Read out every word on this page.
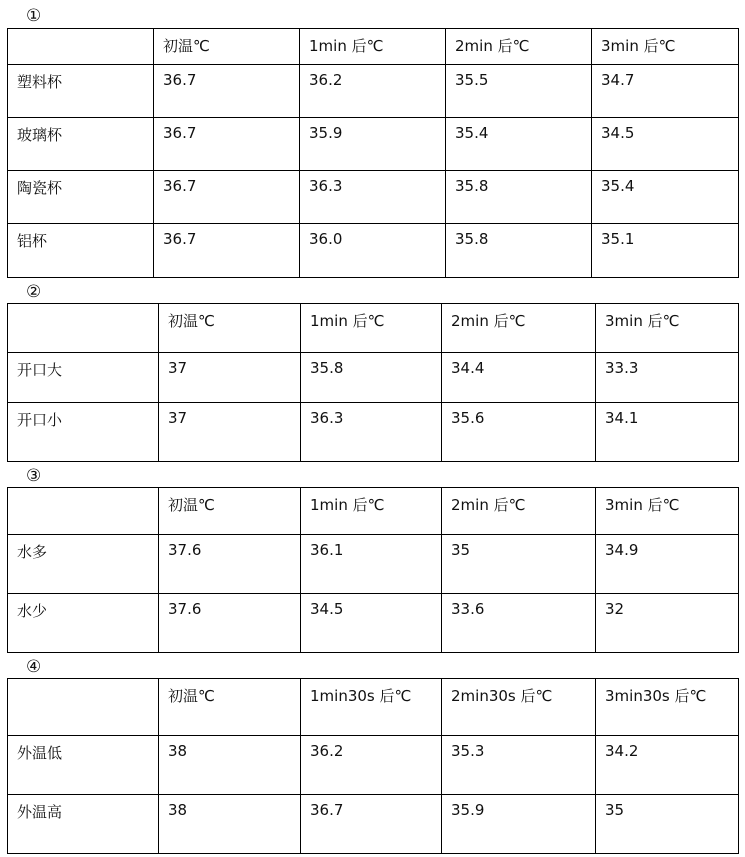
①
	初温℃	1min 后℃	2min 后℃	3min 后℃
塑料杯	36.7	36.2	35.5	34.7
玻璃杯	36.7	35.9	35.4	34.5
陶瓷杯	36.7	36.3	35.8	35.4
铝杯	36.7	36.0	35.8	35.1
②
	初温℃	1min 后℃	2min 后℃	3min 后℃
开口大	37	35.8	34.4	33.3
开口小	37	36.3	35.6	34.1
③
	初温℃	1min 后℃	2min 后℃	3min 后℃
水多	37.6	36.1	35	34.9
水少	37.6	34.5	33.6	32
④
	初温℃	1min30s 后℃	2min30s 后℃	3min30s 后℃
外温低	38	36.2	35.3	34.2
外温高	38	36.7	35.9	35
